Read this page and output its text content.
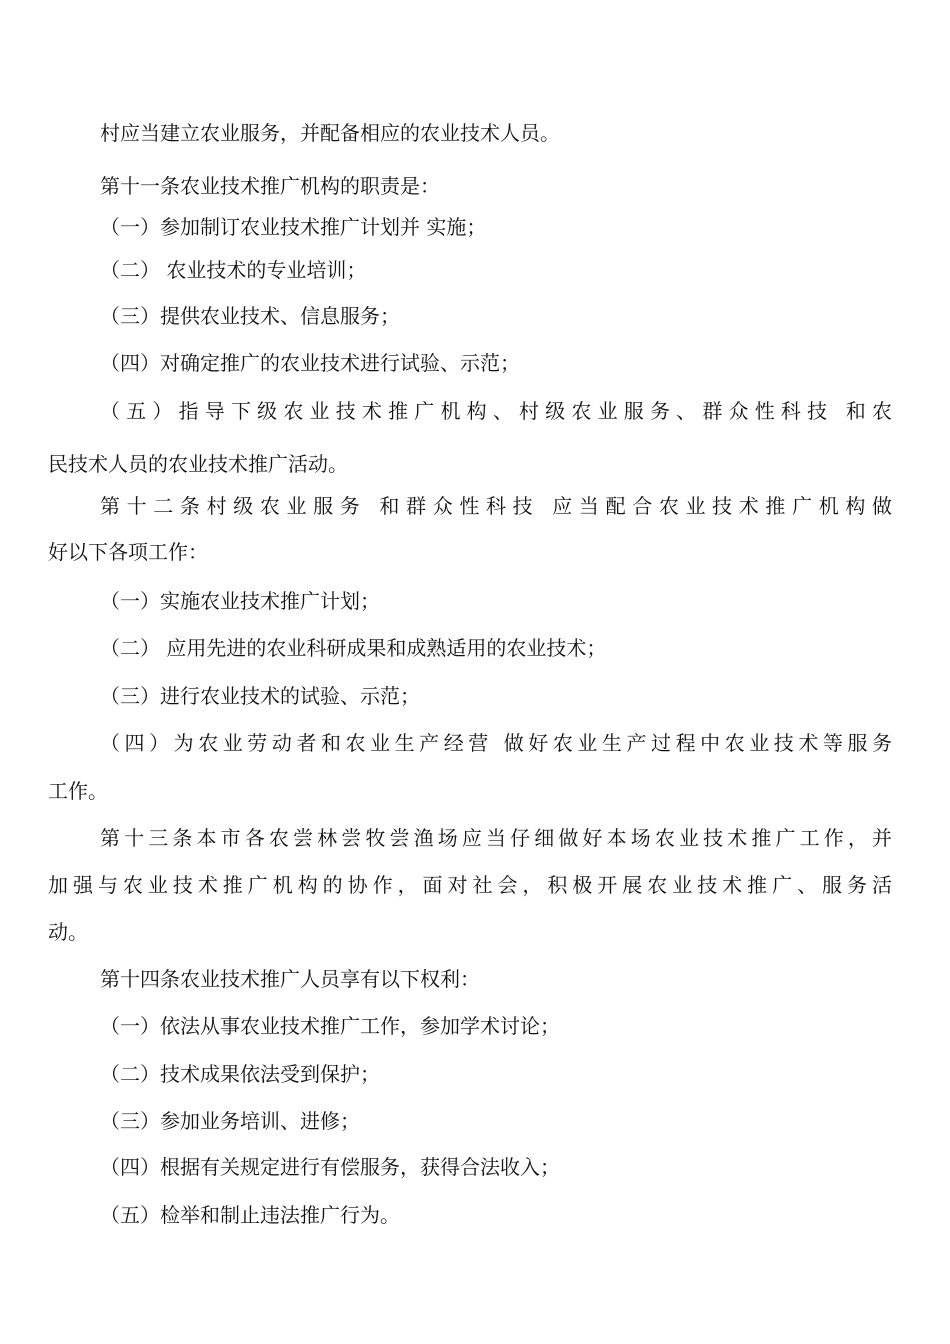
村应当建立农业服务，并配备相应的农业技术人员。
第十一条农业技术推广机构的职责是：
（一）参加制订农业技术推广计划并 实施；
（二） 农业技术的专业培训；
（三）提供农业技术、信息服务；
（四）对确定推广的农业技术进行试验、示范；
（五）指导下级农业技术推广机构、村级农业服务、群众性科技 和农
民技术人员的农业技术推广活动。
第十二条村级农业服务 和群众性科技 应当配合农业技术推广机构做
好以下各项工作：
（一）实施农业技术推广计划；
（二） 应用先进的农业科研成果和成熟适用的农业技术；
（三）进行农业技术的试验、示范；
（四）为农业劳动者和农业生产经营 做好农业生产过程中农业技术等服务
工作。
第十三条本市各农尝林尝牧尝渔场应当仔细做好本场农业技术推广工作，并
加强与农业技术推广机构的协作，面对社会，积极开展农业技术推广、服务活
动。
第十四条农业技术推广人员享有以下权利：
（一）依法从事农业技术推广工作，参加学术讨论；
（二）技术成果依法受到保护；
（三）参加业务培训、进修；
（四）根据有关规定进行有偿服务，获得合法收入；
（五）检举和制止违法推广行为。
